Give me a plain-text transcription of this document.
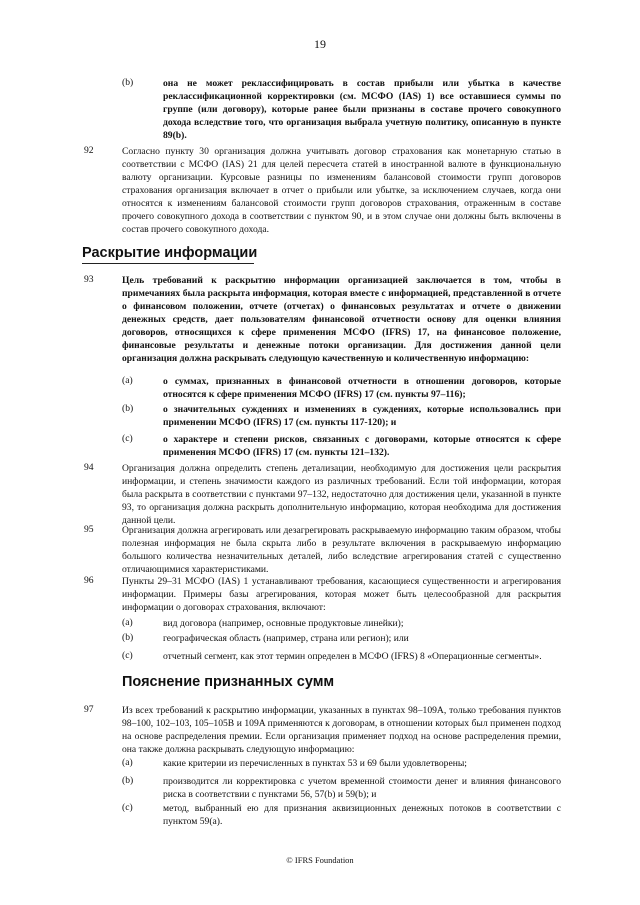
19
(b)	она не может реклассифицировать в состав прибыли или убытка в качестве реклассификационной корректировки (см. МСФО (IAS) 1) все оставшиеся суммы по группе (или договору), которые ранее были признаны в составе прочего совокупного дохода вследствие того, что организация выбрала учетную политику, описанную в пункте 89(b).
92	Согласно пункту 30 организация должна учитывать договор страхования как монетарную статью в соответствии с МСФО (IAS) 21 для целей пересчета статей в иностранной валюте в функциональную валюту организации. Курсовые разницы по изменениям балансовой стоимости групп договоров страхования организация включает в отчет о прибыли или убытке, за исключением случаев, когда они относятся к изменениям балансовой стоимости групп договоров страхования, отраженным в составе прочего совокупного дохода в соответствии с пунктом 90, и в этом случае они должны быть включены в состав прочего совокупного дохода.
Раскрытие информации
93	Цель требований к раскрытию информации организацией заключается в том, чтобы в примечаниях была раскрыта информация, которая вместе с информацией, представленной в отчете о финансовом положении, отчете (отчетах) о финансовых результатах и отчете о движении денежных средств, дает пользователям финансовой отчетности основу для оценки влияния договоров, относящихся к сфере применения МСФО (IFRS) 17, на финансовое положение, финансовые результаты и денежные потоки организации. Для достижения данной цели организация должна раскрывать следующую качественную и количественную информацию:
(a)	о суммах, признанных в финансовой отчетности в отношении договоров, которые относятся к сфере применения МСФО (IFRS) 17 (см. пункты 97–116);
(b)	о значительных суждениях и изменениях в суждениях, которые использовались при применении МСФО (IFRS) 17 (см. пункты 117-120); и
(c)	о характере и степени рисков, связанных с договорами, которые относятся к сфере применения МСФО (IFRS) 17 (см. пункты 121–132).
94	Организация должна определить степень детализации, необходимую для достижения цели раскрытия информации, и степень значимости каждого из различных требований. Если той информации, которая была раскрыта в соответствии с пунктами 97–132, недостаточно для достижения цели, указанной в пункте 93, то организация должна раскрыть дополнительную информацию, которая необходима для достижения данной цели.
95	Организация должна агрегировать или дезагрегировать раскрываемую информацию таким образом, чтобы полезная информация не была скрыта либо в результате включения в раскрываемую информацию большого количества незначительных деталей, либо вследствие агрегирования статей с существенно отличающимися характеристиками.
96	Пункты 29–31 МСФО (IAS) 1 устанавливают требования, касающиеся существенности и агрегирования информации. Примеры базы агрегирования, которая может быть целесообразной для раскрытия информации о договорах страхования, включают:
(a)	вид договора (например, основные продуктовые линейки);
(b)	географическая область (например, страна или регион); или
(c)	отчетный сегмент, как этот термин определен в МСФО (IFRS) 8 «Операционные сегменты».
Пояснение признанных сумм
97	Из всех требований к раскрытию информации, указанных в пунктах 98–109A, только требования пунктов 98–100, 102–103, 105–105B и 109A применяются к договорам, в отношении которых был применен подход на основе распределения премии. Если организация применяет подход на основе распределения премии, она также должна раскрывать следующую информацию:
(a)	какие критерии из перечисленных в пунктах 53 и 69 были удовлетворены;
(b)	производится ли корректировка с учетом временной стоимости денег и влияния финансового риска в соответствии с пунктами 56, 57(b) и 59(b); и
(c)	метод, выбранный ею для признания аквизиционных денежных потоков в соответствии с пунктом 59(а).
© IFRS Foundation
